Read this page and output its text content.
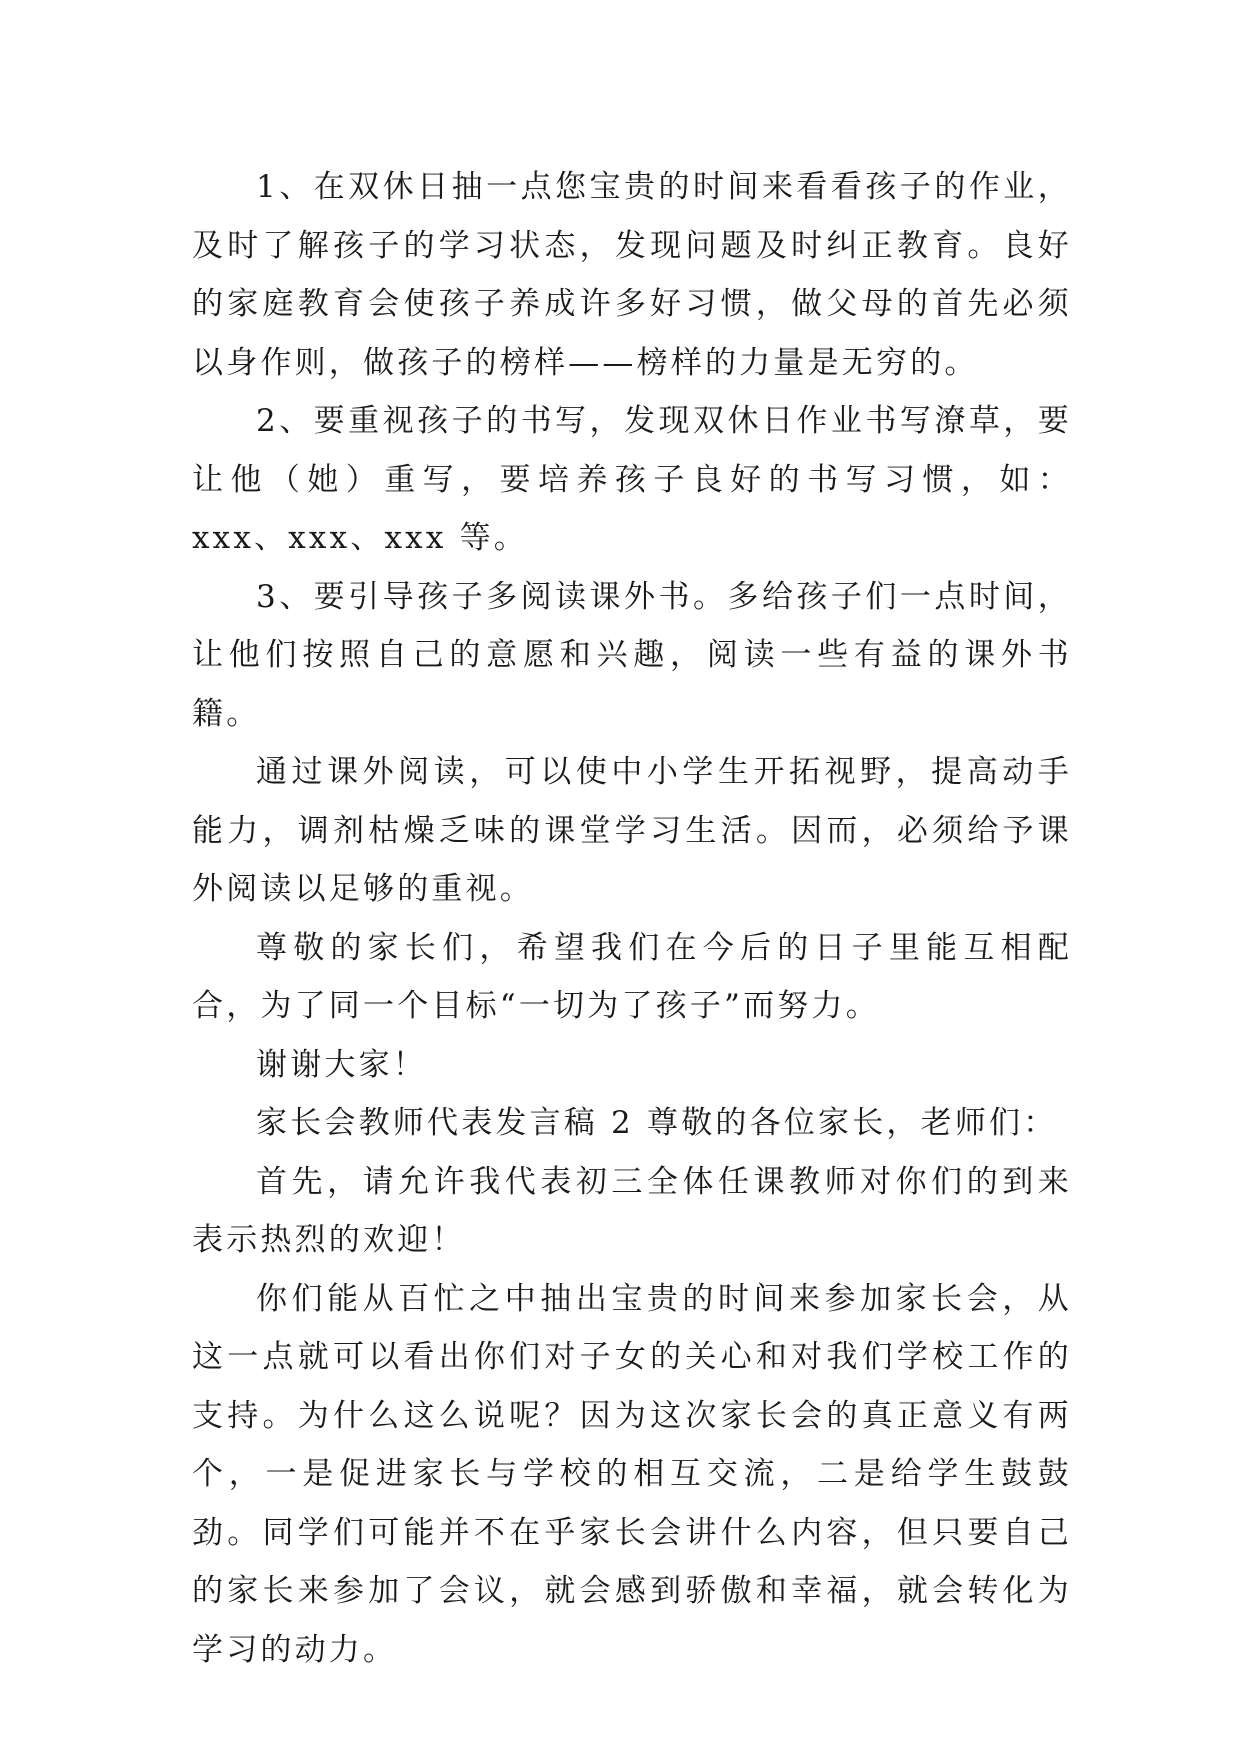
1、在双休日抽一点您宝贵的时间来看看孩子的作业，及时了解孩子的学习状态，发现问题及时纠正教育。良好的家庭教育会使孩子养成许多好习惯，做父母的首先必须以身作则，做孩子的榜样——榜样的力量是无穷的。

2、要重视孩子的书写，发现双休日作业书写潦草，要让他（她）重写，要培养孩子良好的书写习惯，如：xxx、xxx、xxx 等。

3、要引导孩子多阅读课外书。多给孩子们一点时间，让他们按照自己的意愿和兴趣，阅读一些有益的课外书籍。

通过课外阅读，可以使中小学生开拓视野，提高动手能力，调剂枯燥乏味的课堂学习生活。因而，必须给予课外阅读以足够的重视。

尊敬的家长们，希望我们在今后的日子里能互相配合，为了同一个目标“一切为了孩子”而努力。

谢谢大家！

家长会教师代表发言稿 2 尊敬的各位家长，老师们：

首先，请允许我代表初三全体任课教师对你们的到来表示热烈的欢迎！

你们能从百忙之中抽出宝贵的时间来参加家长会，从这一点就可以看出你们对子女的关心和对我们学校工作的支持。为什么这么说呢？因为这次家长会的真正意义有两个，一是促进家长与学校的相互交流，二是给学生鼓鼓劲。同学们可能并不在乎家长会讲什么内容，但只要自己的家长来参加了会议，就会感到骄傲和幸福，就会转化为学习的动力。
